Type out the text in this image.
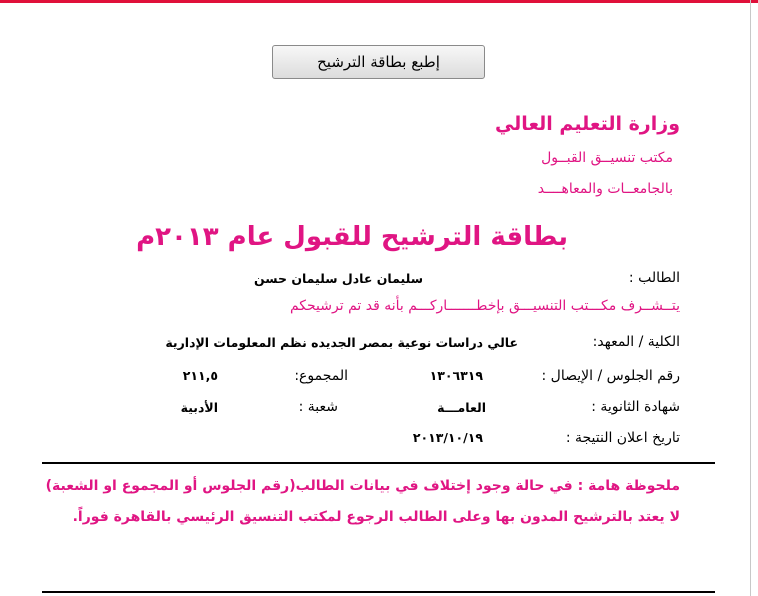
إطبع بطاقة الترشيح
وزارة التعليم العالي
مكتب تنسيــق القبــول
بالجامعــات والمعاهــــد
بطاقة الترشيح للقبول عام ٢٠١٣م
الطالب :
سليمان عادل سليمان حسن
يتــشــرف مكـــتب التنسيـــق بإخطـــــــاركـــم بأنه قد تم ترشيحكم
الكلية / المعهد:
عالي دراسات نوعية بمصر الجديده نظم المعلومات الإدارية
رقم الجلوس / الإيصال :
١٣٠٦٣١٩
المجموع:
٢١١,٥
شهادة الثانوية :
العامـــة
شعبة :
الأدبية
تاريخ اعلان النتيجة :
٢٠١٣/١٠/١٩
ملحوظة هامة : في حالة وجود إختلاف في بيانات الطالب(رقم الجلوس أو المجموع او الشعبة)
لا يعتد بالترشيح المدون بها وعلى الطالب الرجوع لمكتب التنسيق الرئيسي بالقاهرة فوراً.
